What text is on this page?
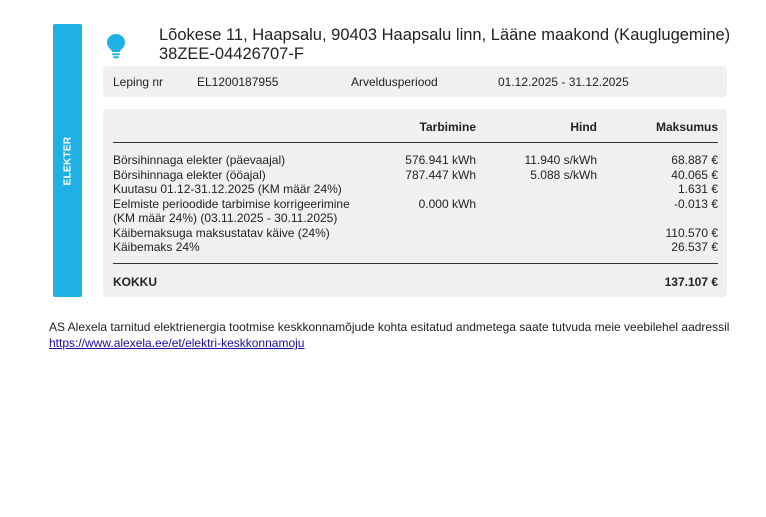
ELEKTER
Lõokese 11, Haapsalu, 90403 Haapsalu linn, Lääne maakond (Kauglugemine)
38ZEE-04426707-F
Leping nr	EL1200187955	Arveldusperiood	01.12.2025 - 31.12.2025
Tarbimine	Hind	Maksumus
Börsihinnaga elekter (päevaajal)	576.941 kWh	11.940 s/kWh	68.887 €
Börsihinnaga elekter (ööajal)	787.447 kWh	5.088 s/kWh	40.065 €
Kuutasu 01.12-31.12.2025 (KM määr 24%)	1.631 €
Eelmiste perioodide tarbimise korrigeerimine	0.000 kWh	-0.013 €
(KM määr 24%) (03.11.2025 - 30.11.2025)
Käibemaksuga maksustatav käive (24%)	110.570 €
Käibemaks 24%	26.537 €
KOKKU	137.107 €
AS Alexela tarnitud elektrienergia tootmise keskkonnamõjude kohta esitatud andmetega saate tutvuda meie veebilehel aadressil https://www.alexela.ee/et/elektri-keskkonnamoju
